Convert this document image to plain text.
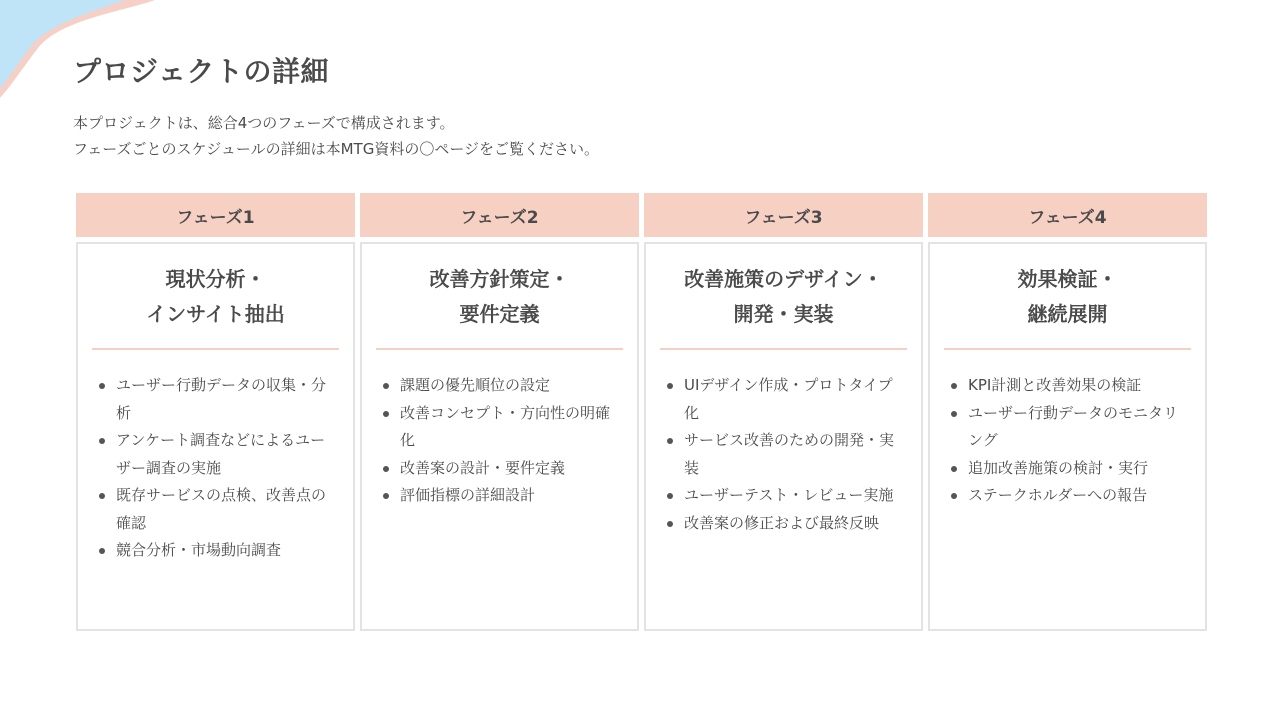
プロジェクトの詳細

本プロジェクトは、総合4つのフェーズで構成されます。

フェーズごとのスケジュールの詳細は本MTG資料の〇ページをご覧ください。

フェーズ1
現状分析・
インサイト抽出
ユーザー行動データの収集・分析
アンケート調査などによるユーザー調査の実施
既存サービスの点検、改善点の確認
競合分析・市場動向調査
フェーズ2
改善方針策定・
要件定義
課題の優先順位の設定
改善コンセプト・方向性の明確化
改善案の設計・要件定義
評価指標の詳細設計
フェーズ3
改善施策のデザイン・
開発・実装
UIデザイン作成・プロトタイプ化
サービス改善のための開発・実装
ユーザーテスト・レビュー実施
改善案の修正および最終反映
フェーズ4
効果検証・
継続展開
KPI計測と改善効果の検証
ユーザー行動データのモニタリング
追加改善施策の検討・実行
ステークホルダーへの報告
